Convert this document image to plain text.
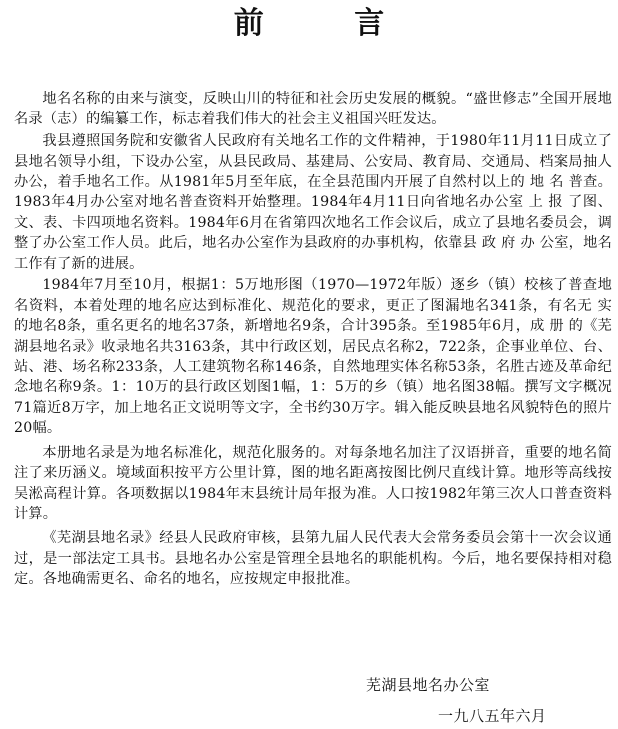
前 言

地名名称的由来与演变，反映山川的特征和社会历史发展的概貌。“盛世修志”全国开展地名录（志）的编纂工作，标志着我们伟大的社会主义祖国兴旺发达。

我县遵照国务院和安徽省人民政府有关地名工作的文件精神，于1980年11月11日成立了县地名领导小组，下设办公室，从县民政局、基建局、公安局、教育局、交通局、档案局抽人办公，着手地名工作。从1981年5月至年底，在全县范围内开展了自然村以上的 地 名 普查。1983年4月办公室对地名普查资料开始整理。1984年4月11日向省地名办公室 上 报 了图、文、表、卡四项地名资料。1984年6月在省第四次地名工作会议后，成立了县地名委员会，调整了办公室工作人员。此后，地名办公室作为县政府的办事机构，依靠县 政 府 办 公室，地名工作有了新的进展。

1984年7月至10月，根据1：5万地形图（1970—1972年版）逐乡（镇）校核了普查地名资料，本着处理的地名应达到标准化、规范化的要求，更正了图漏地名341条，有名无 实 的地名8条，重名更名的地名37条，新增地名9条，合计395条。至1985年6月，成 册 的《芜湖县地名录》收录地名共3163条，其中行政区划，居民点名称2，722条，企事业单位、台、站、港、场名称233条，人工建筑物名称146条，自然地理实体名称53条，名胜古迹及革命纪念地名称9条。1：10万的县行政区划图1幅，1：5万的乡（镇）地名图38幅。撰写文字概况71篇近8万字，加上地名正文说明等文字，全书约30万字。辑入能反映县地名风貌特色的照片20幅。

本册地名录是为地名标准化，规范化服务的。对每条地名加注了汉语拼音，重要的地名简注了来历涵义。境域面积按平方公里计算，图的地名距离按图比例尺直线计算。地形等高线按吴淞高程计算。各项数据以1984年末县统计局年报为准。人口按1982年第三次人口普查资料计算。

《芜湖县地名录》经县人民政府审核，县第九届人民代表大会常务委员会第十一次会议通过，是一部法定工具书。县地名办公室是管理全县地名的职能机构。今后，地名要保持相对稳定。各地确需更名、命名的地名，应按规定申报批准。

芜湖县地名办公室
一九八五年六月
